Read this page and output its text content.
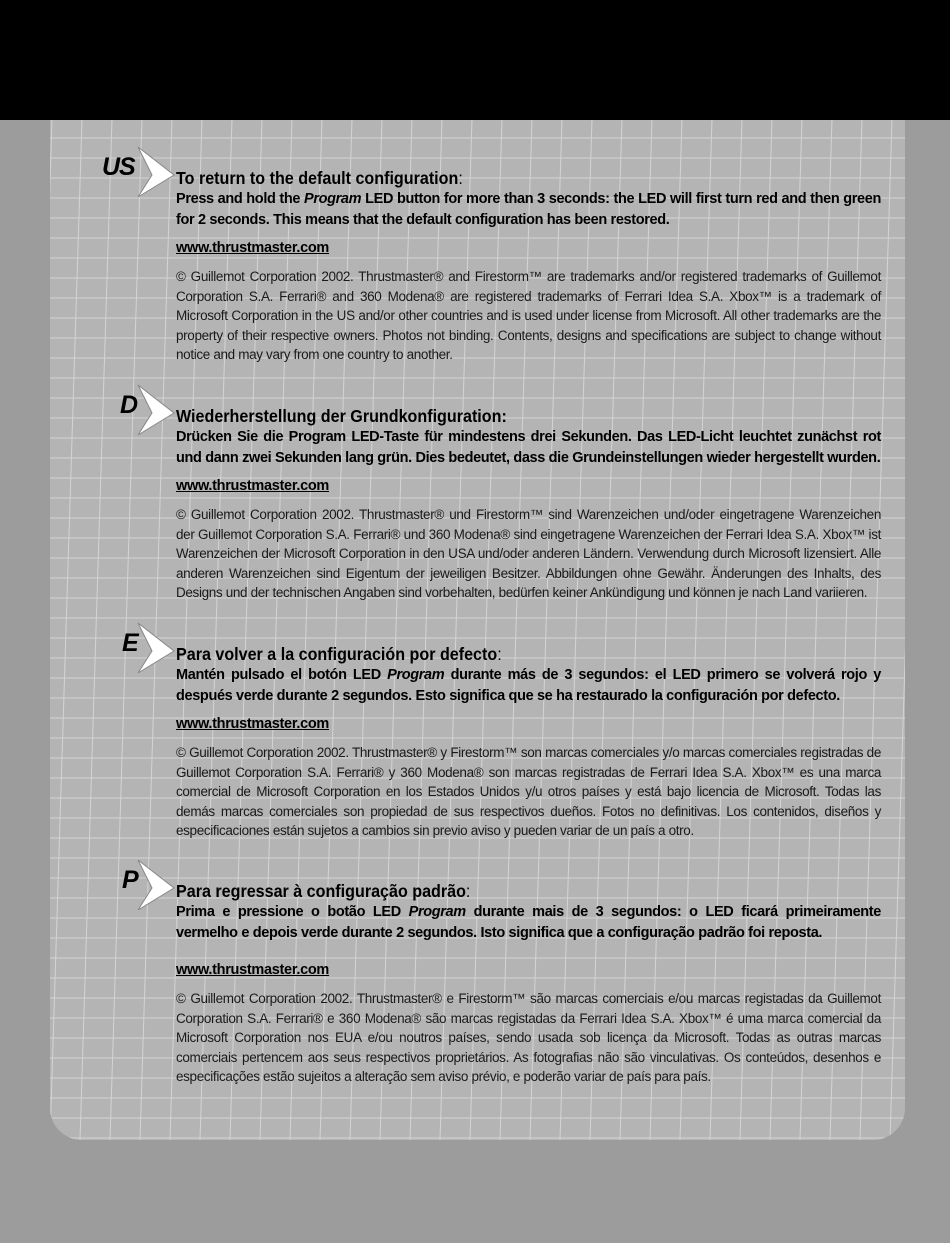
US To return to the default configuration:

Press and hold the Program LED button for more than 3 seconds: the LED will first turn red and then green for 2 seconds. This means that the default configuration has been restored.

www.thrustmaster.com

© Guillemot Corporation 2002. Thrustmaster® and Firestorm™ are trademarks and/or registered trademarks of Guillemot Corporation S.A. Ferrari® and 360 Modena® are registered trademarks of Ferrari Idea S.A. Xbox™ is a trademark of Microsoft Corporation in the US and/or other countries and is used under license from Microsoft. All other trademarks are the property of their respective owners. Photos not binding. Contents, designs and specifications are subject to change without notice and may vary from one country to another.

D Wiederherstellung der Grundkonfiguration:

Drücken Sie die Program LED-Taste für mindestens drei Sekunden. Das LED-Licht leuchtet zunächst rot und dann zwei Sekunden lang grün. Dies bedeutet, dass die Grundeinstellungen wieder hergestellt wurden.

www.thrustmaster.com

© Guillemot Corporation 2002. Thrustmaster® und Firestorm™ sind Warenzeichen und/oder eingetragene Warenzeichen der Guillemot Corporation S.A. Ferrari® und 360 Modena® sind eingetragene Warenzeichen der Ferrari Idea S.A. Xbox™ ist Warenzeichen der Microsoft Corporation in den USA und/oder anderen Ländern. Verwendung durch Microsoft lizensiert. Alle anderen Warenzeichen sind Eigentum der jeweiligen Besitzer. Abbildungen ohne Gewähr. Änderungen des Inhalts, des Designs und der technischen Angaben sind vorbehalten, bedürfen keiner Ankündigung und können je nach Land variieren.

E Para volver a la configuración por defecto:

Mantén pulsado el botón LED Program durante más de 3 segundos: el LED primero se volverá rojo y después verde durante 2 segundos. Esto significa que se ha restaurado la configuración por defecto.

www.thrustmaster.com

© Guillemot Corporation 2002. Thrustmaster® y Firestorm™ son marcas comerciales y/o marcas comerciales registradas de Guillemot Corporation S.A. Ferrari® y 360 Modena® son marcas registradas de Ferrari Idea S.A. Xbox™ es una marca comercial de Microsoft Corporation en los Estados Unidos y/u otros países y está bajo licencia de Microsoft. Todas las demás marcas comerciales son propiedad de sus respectivos dueños. Fotos no definitivas. Los contenidos, diseños y especificaciones están sujetos a cambios sin previo aviso y pueden variar de un país a otro.

P Para regressar à configuração padrão:

Prima e pressione o botão LED Program durante mais de 3 segundos: o LED ficará primeiramente vermelho e depois verde durante 2 segundos. Isto significa que a configuração padrão foi reposta.

www.thrustmaster.com

© Guillemot Corporation 2002. Thrustmaster® e Firestorm™ são marcas comerciais e/ou marcas registadas da Guillemot Corporation S.A. Ferrari® e 360 Modena® são marcas registadas da Ferrari Idea S.A. Xbox™ é uma marca comercial da Microsoft Corporation nos EUA e/ou noutros países, sendo usada sob licença da Microsoft. Todas as outras marcas comerciais pertencem aos seus respectivos proprietários. As fotografias não são vinculativas. Os conteúdos, desenhos e especificações estão sujeitos a alteração sem aviso prévio, e poderão variar de país para país.
